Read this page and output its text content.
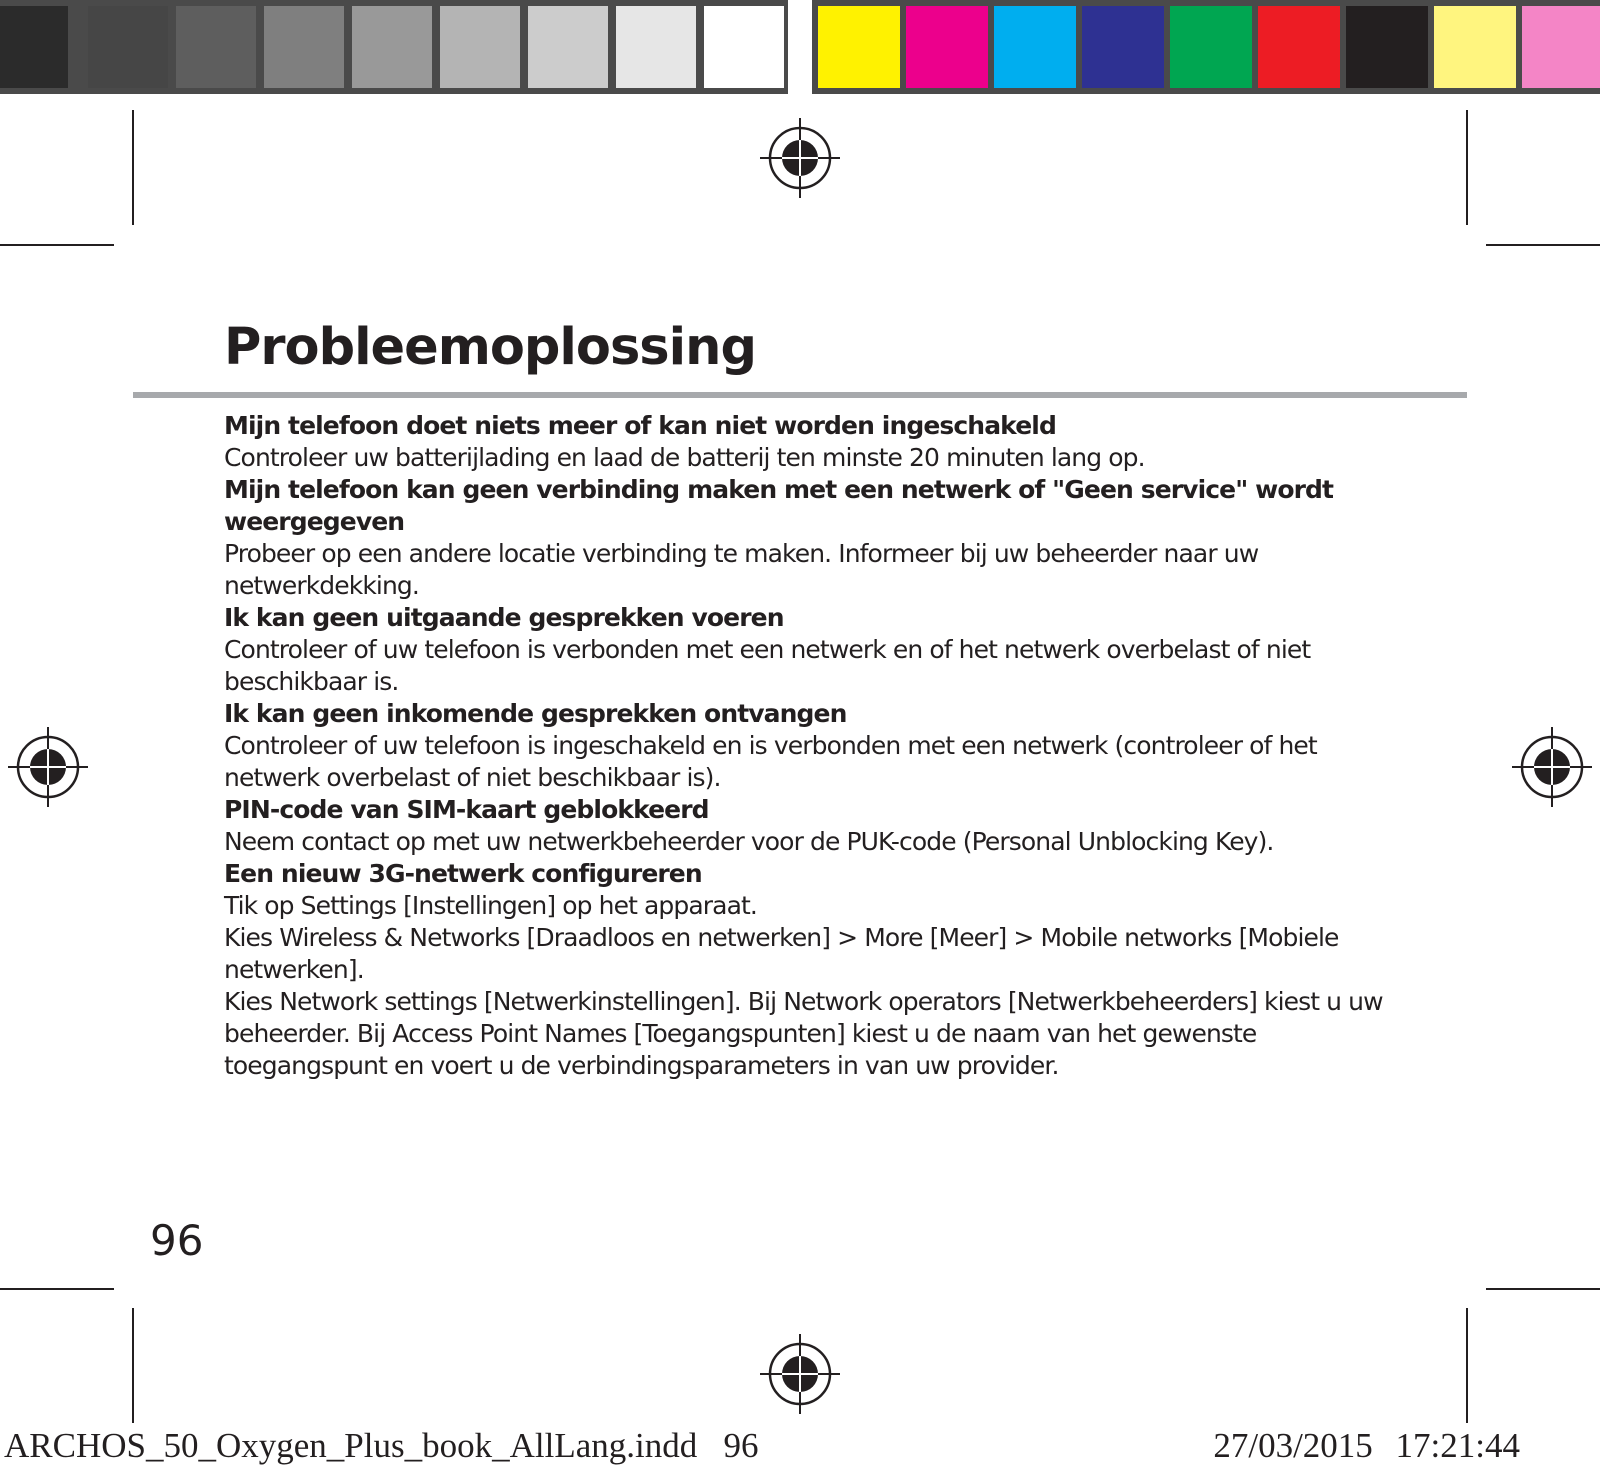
Probleemoplossing

Mijn telefoon doet niets meer of kan niet worden ingeschakeld

Controleer uw batterijlading en laad de batterij ten minste 20 minuten lang op.

Mijn telefoon kan geen verbinding maken met een netwerk of "Geen service" wordt weergegeven

Probeer op een andere locatie verbinding te maken. Informeer bij uw beheerder naar uw netwerkdekking.

Ik kan geen uitgaande gesprekken voeren

Controleer of uw telefoon is verbonden met een netwerk en of het netwerk overbelast of niet beschikbaar is.

Ik kan geen inkomende gesprekken ontvangen

Controleer of uw telefoon is ingeschakeld en is verbonden met een netwerk (controleer of het netwerk overbelast of niet beschikbaar is).

PIN-code van SIM-kaart geblokkeerd

Neem contact op met uw netwerkbeheerder voor de PUK-code (Personal Unblocking Key).

Een nieuw 3G-netwerk configureren

Tik op Settings [Instellingen] op het apparaat.

Kies Wireless & Networks [Draadloos en netwerken] > More [Meer] > Mobile networks [Mobiele netwerken].

Kies Network settings [Netwerkinstellingen]. Bij Network operators [Netwerkbeheerders] kiest u uw beheerder. Bij Access Point Names [Toegangspunten] kiest u de naam van het gewenste toegangspunt en voert u de verbindingsparameters in van uw provider.

96
ARCHOS_50_Oxygen_Plus_book_AllLang.indd   96	27/03/2015 17:21:44
